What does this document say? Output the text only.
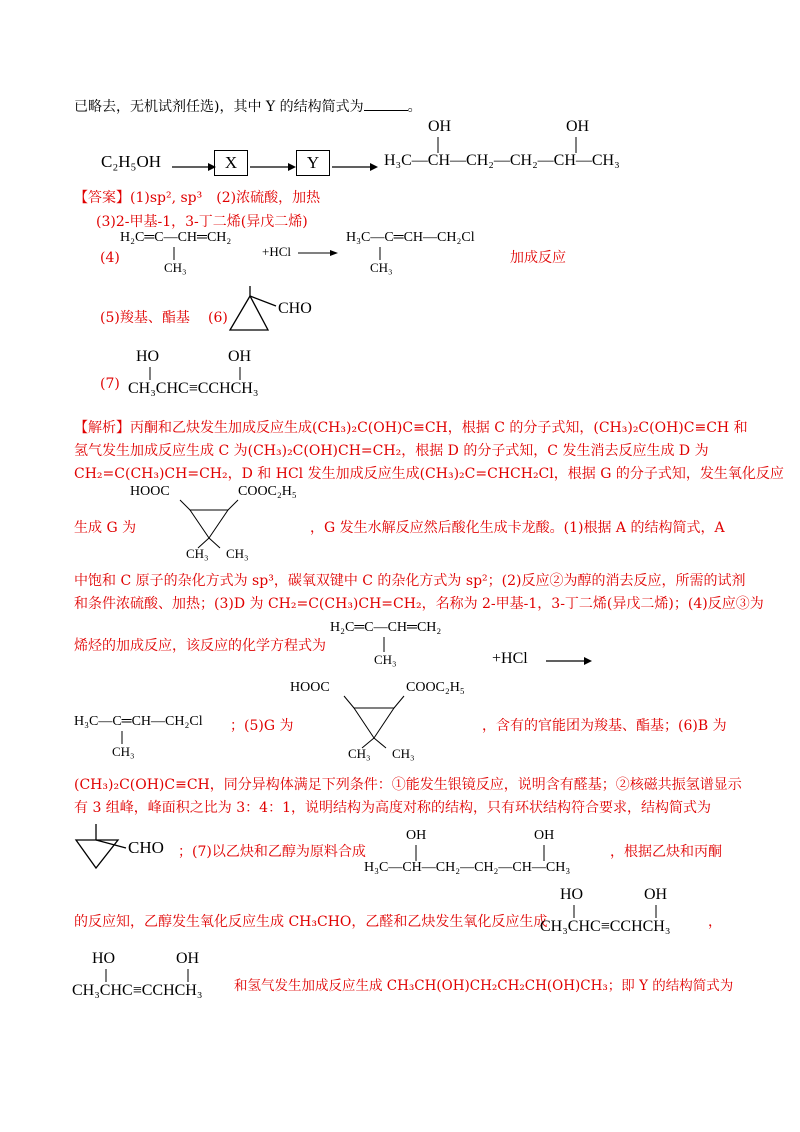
已略去，无机试剂任选)，其中 Y 的结构简式为	。
C₂H₅OH	X	Y	H₃C—CH—CH₂—CH₂—CH—CH₃
OH	OH
【答案】(1)sp², sp³　(2)浓硫酸，加热
(3)2-甲基-1，3-丁二烯(异戊二烯)
(4)
H₂C═C—CH═CH₂
CH₃
+HCl →
H₃C—C═CH—CH₂Cl
CH₃
加成反应
(5)羧基、酯基 (6)
CHO
(7)
HO	OH
CH₃CHC≡CCHCH₃
【解析】丙酮和乙炔发生加成反应生成(CH₃)₂C(OH)C≡CH，根据 C 的分子式知，(CH₃)₂C(OH)C≡CH 和
氢气发生加成反应生成 C 为(CH₃)₂C(OH)CH=CH₂，根据 D 的分子式知，C 发生消去反应生成 D 为
CH₂=C(CH₃)CH=CH₂，D 和 HCl 发生加成反应生成(CH₃)₂C=CHCH₂Cl，根据 G 的分子式知，发生氧化反应
HOOC	COOC₂H₅
CH₃ CH₃
生成 G 为	，G 发生水解反应然后酸化生成卡龙酸。(1)根据 A 的结构简式，A
中饱和 C 原子的杂化方式为 sp³，碳氧双键中 C 的杂化方式为 sp²；(2)反应②为醇的消去反应，所需的试剂
和条件浓硫酸、加热；(3)D 为 CH₂=C(CH₃)CH=CH₂，名称为 2-甲基-1，3-丁二烯(异戊二烯)；(4)反应③为
烯烃的加成反应，该反应的化学方程式为
H₂C═C—CH═CH₂
CH₃	+HCl
H₃C—C═CH—CH₂Cl
CH₃
；(5)G 为
HOOC	COOC₂H₅
CH₃ CH₃
，含有的官能团为羧基、酯基；(6)B 为
(CH₃)₂C(OH)C≡CH，同分异构体满足下列条件：①能发生银镜反应，说明含有醛基；②核磁共振氢谱显示
有 3 组峰，峰面积之比为 3：4：1，说明结构为高度对称的结构，只有环状结构符合要求，结构简式为
CHO ；(7)以乙炔和乙醇为原料合成
H₃C—CH—CH₂—CH₂—CH—CH₃
OH	OH
，根据乙炔和丙酮
的反应知，乙醇发生氧化反应生成 CH₃CHO，乙醛和乙炔发生氧化反应生成
HO	OH
CH₃CHC≡CCHCH₃	，
HO	OH
CH₃CHC≡CCHCH₃ 和氢气发生加成反应生成 CH₃CH(OH)CH₂CH₂CH(OH)CH₃；即 Y 的结构简式为
